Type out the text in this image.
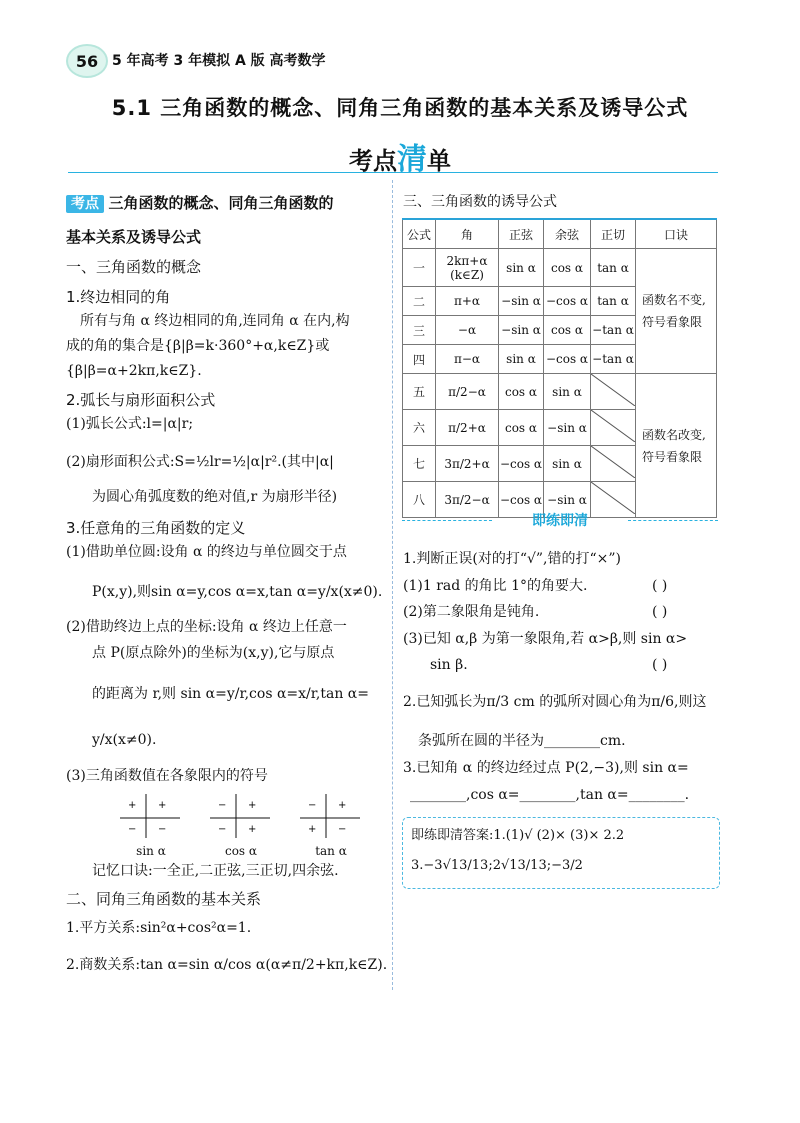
56 5 年高考 3 年模拟 A 版 高考数学
5.1 三角函数的概念、同角三角函数的基本关系及诱导公式
考点清单
考点 三角函数的概念、同角三角函数的
基本关系及诱导公式
一、三角函数的概念
1.终边相同的角
所有与角 α 终边相同的角,连同角 α 在内,构
成的角的集合是{β|β=k·360°+α,k∈Z}或
{β|β=α+2kπ,k∈Z}.
2.弧长与扇形面积公式
(1)弧长公式:l=|α|r;
(2)扇形面积公式:S=½lr=½|α|r².(其中|α|
为圆心角弧度数的绝对值,r 为扇形半径)
3.任意角的三角函数的定义
(1)借助单位圆:设角 α 的终边与单位圆交于点
P(x,y),则sin α=y,cos α=x,tan α=y/x(x≠0).
(2)借助终边上点的坐标:设角 α 终边上任意一
点 P(原点除外)的坐标为(x,y),它与原点
的距离为 r,则 sin α=y/r,cos α=x/r,tan α=
y/x(x≠0).
(3)三角函数值在各象限内的符号
+ +
− −
sin α
− +
− +
cos α
− +
+ −
tan α
记忆口诀:一全正,二正弦,三正切,四余弦.
二、同角三角函数的基本关系
1.平方关系:sin²α+cos²α=1.
2.商数关系:tan α=sin α/cos α(α≠π/2+kπ,k∈Z).
三、三角函数的诱导公式
公式	角	正弦	余弦	正切	口诀
一	2kπ+α (k∈Z)	sin α	cos α	tan α	函数名不变,
符号看象限
二	π+α	−sin α	−cos α	tan α	
三	−α	−sin α	cos α	−tan α	
四	π−α	sin α	−cos α	−tan α	
五	π/2−α	cos α	sin α		函数名改变,
符号看象限
六	π/2+α	cos α	−sin α	
七	3π/2+α	−cos α	sin α	
八	3π/2−α	−cos α	−sin α	
即练即清
1.判断正误(对的打“√”,错的打“×”)
(1)1 rad 的角比 1°的角要大.	( )
(2)第二象限角是钝角.	( )
(3)已知 α,β 为第一象限角,若 α>β,则 sin α>
sin β.	( )
2.已知弧长为π/3 cm 的弧所对圆心角为π/6,则这
条弧所在圆的半径为________cm.
3.已知角 α 的终边经过点 P(2,−3),则 sin α=
________,cos α=________,tan α=________.
即练即清答案:1.(1)√ (2)× (3)× 2.2
3.−3√13/13;2√13/13;−3/2
